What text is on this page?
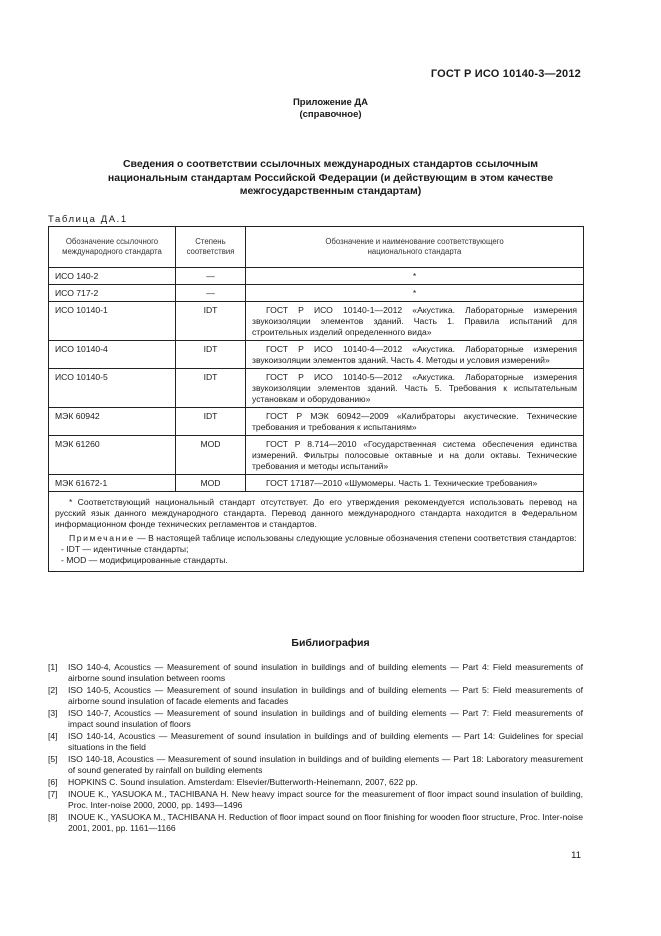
ГОСТ Р ИСО 10140-3—2012
Приложение ДА
(справочное)
Сведения о соответствии ссылочных международных стандартов ссылочным
национальным стандартам Российской Федерации (и действующим в этом качестве
межгосударственным стандартам)
Таблица ДА.1
Обозначение ссылочного международного стандарта	Степень соответствия	Обозначение и наименование соответствующего национального стандарта
ИСО 140-2	—	*
ИСО 717-2	—	*
ИСО 10140-1	IDT	ГОСТ Р ИСО 10140-1—2012 «Акустика. Лабораторные измерения звукоизоляции элементов зданий. Часть 1. Правила испытаний для строительных изделий определенного вида»
ИСО 10140-4	IDT	ГОСТ Р ИСО 10140-4—2012 «Акустика. Лабораторные измерения звукоизоляции элементов зданий. Часть 4. Методы и условия измерений»
ИСО 10140-5	IDT	ГОСТ Р ИСО 10140-5—2012 «Акустика. Лабораторные измерения звукоизоляции элементов зданий. Часть 5. Требования к испытательным установкам и оборудованию»
МЭК 60942	IDT	ГОСТ Р МЭК 60942—2009 «Калибраторы акустические. Технические требования и требования к испытаниям»
МЭК 61260	MOD	ГОСТ Р 8.714—2010 «Государственная система обеспечения единства измерений. Фильтры полосовые октавные и на доли октавы. Технические требования и методы испытаний»
МЭК 61672-1	MOD	ГОСТ 17187—2010 «Шумомеры. Часть 1. Технические требования»

* Соответствующий национальный стандарт отсутствует. До его утверждения рекомендуется использовать перевод на русский язык данного международного стандарта. Перевод данного международного стандарта находится в Федеральном информационном фонде технических регламентов и стандартов.

Примечание — В настоящей таблице использованы следующие условные обозначения степени соответствия стандартов:

- IDT — идентичные стандарты;

- MOD — модифицированные стандарты.		

Библиография
[1]	ISO 140-4, Acoustics — Measurement of sound insulation in buildings and of building elements — Part 4: Field measurements of airborne sound insulation between rooms
[2]	ISO 140-5, Acoustics — Measurement of sound insulation in buildings and of building elements — Part 5: Field measurements of airborne sound insulation of facade elements and facades
[3]	ISO 140-7, Acoustics — Measurement of sound insulation in buildings and of building elements — Part 7: Field measurements of impact sound insulation of floors
[4]	ISO 140-14, Acoustics — Measurement of sound insulation in buildings and of building elements — Part 14: Guidelines for special situations in the field
[5]	ISO 140-18, Acoustics — Measurement of sound insulation in buildings and of building elements — Part 18: Laboratory measurement of sound generated by rainfall on building elements
[6]	HOPKINS C. Sound insulation. Amsterdam: Elsevier/Butterworth-Heinemann, 2007, 622 pp.
[7]	INOUE K., YASUOKA M., TACHIBANA H. New heavy impact source for the measurement of floor impact sound insulation of building, Proc. Inter-noise 2000, 2000, pp. 1493—1496
[8]	INOUE K., YASUOKA M., TACHIBANA H. Reduction of floor impact sound on floor finishing for wooden floor structure, Proc. Inter-noise 2001, 2001, pp. 1161—1166
11
